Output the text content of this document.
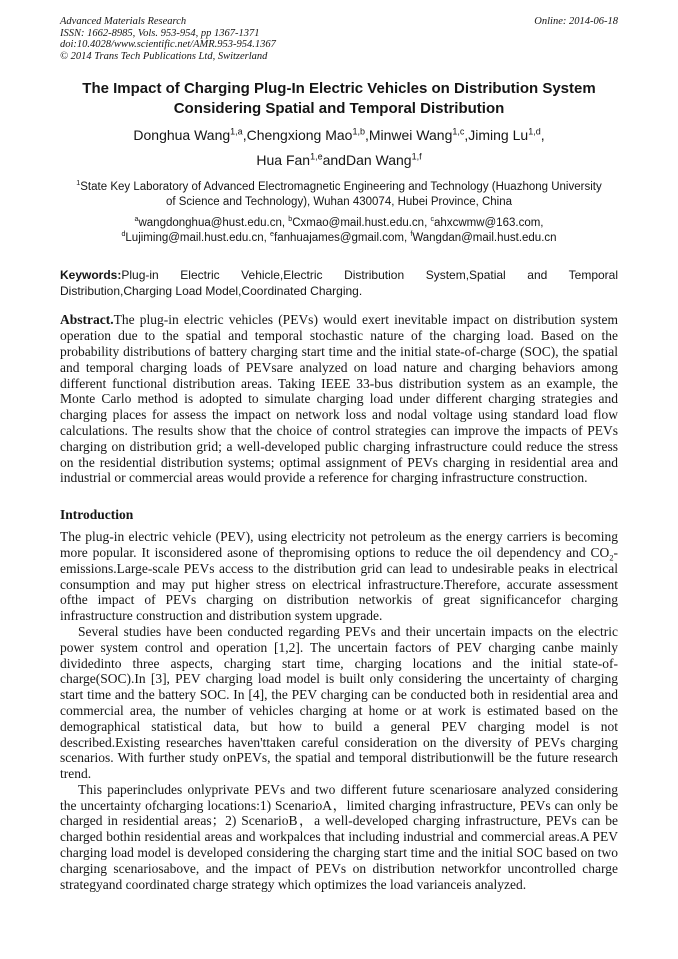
Advanced Materials Research
ISSN: 1662-8985, Vols. 953-954, pp 1367-1371
doi:10.4028/www.scientific.net/AMR.953-954.1367
© 2014 Trans Tech Publications Ltd, Switzerland
Online: 2014-06-18
The Impact of Charging Plug-In Electric Vehicles on Distribution System Considering Spatial and Temporal Distribution
Donghua Wang$^{1,a}$,Chengxiong Mao$^{1,b}$,Minwei Wang$^{1,c}$,Jiming Lu$^{1,d}$,
Hua Fan$^{1,e}$andDan Wang$^{1,f}$
$^1$State Key Laboratory of Advanced Electromagnetic Engineering and Technology (Huazhong University of Science and Technology), Wuhan 430074, Hubei Province, China
$^a$wangdonghua@hust.edu.cn, $^b$Cxmao@mail.hust.edu.cn, $^c$ahxcwmw@163.com,
$^d$Lujiming@mail.hust.edu.cn, $^e$fanhuajames@gmail.com, $^f$Wangdan@mail.hust.edu.cn
Keywords:Plug-in Electric Vehicle,Electric Distribution System,Spatial and Temporal Distribution,Charging Load Model,Coordinated Charging.
Abstract.The plug-in electric vehicles (PEVs) would exert inevitable impact on distribution system operation due to the spatial and temporal stochastic nature of the charging load. Based on the probability distributions of battery charging start time and the initial state-of-charge (SOC), the spatial and temporal charging loads of PEVsare analyzed on load nature and charging behaviors among different functional distribution areas. Taking IEEE 33-bus distribution system as an example, the Monte Carlo method is adopted to simulate charging load under different charging strategies and charging places for assess the impact on network loss and nodal voltage using standard load flow calculations. The results show that the choice of control strategies can improve the impacts of PEVs charging on distribution grid; a well-developed public charging infrastructure could reduce the stress on the residential distribution systems; optimal assignment of PEVs charging in residential area and industrial or commercial areas would provide a reference for charging infrastructure construction.
Introduction
The plug-in electric vehicle (PEV), using electricity not petroleum as the energy carriers is becoming more popular. It isconsidered asone of thepromising options to reduce the oil dependency and $CO_2-emissions.Large$-scale PEVs access to the distribution grid can lead to undesirable peaks in electrical consumption and may put higher stress on electrical infrastructure.Therefore, accurate assessment ofthe impact of PEVs charging on distribution networkis of great significancefor charging infrastructure construction and distribution system upgrade.
Several studies have been conducted regarding PEVs and their uncertain impacts on the electric power system control and operation [1,2]. The uncertain factors of PEV charging canbe mainly dividedinto three aspects, charging start time, charging locations and the initial state-of-charge(SOC).In [3], PEV charging load model is built only considering the uncertainty of charging start time and the battery SOC. In [4], the PEV charging can be conducted both in residential area and commercial area, the number of vehicles charging at home or at work is estimated based on the demographical statistical data, but how to build a general PEV charging model is not described.Existing researches haven'ttaken careful consideration on the diversity of PEVs charging scenarios. With further study onPEVs, the spatial and temporal distributionwill be the future research trend.
This paperincludes onlyprivate PEVs and two different future scenariosare analyzed considering the uncertainty ofcharging locations:1) ScenarioA，limited charging infrastructure, PEVs can only be charged in residential areas；2) ScenarioB，a well-developed charging infrastructure, PEVs can be charged bothin residential areas and workpalces that including industrial and commercial areas.A PEV charging load model is developed considering the charging start time and the initial SOC based on two charging scenariosabove, and the impact of PEVs on distribution networkfor uncontrolled charge strategyand coordinated charge strategy which optimizes the load varianceis analyzed.
